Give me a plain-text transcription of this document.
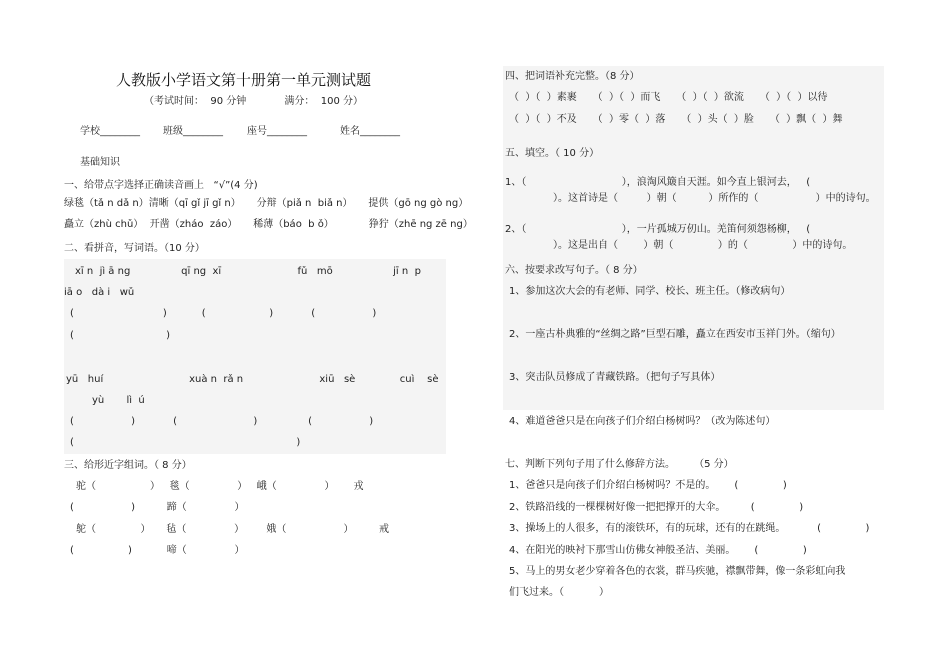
人教版小学语文第十册第一单元测试题
（考试时间：  90 分钟            满分：  100 分）
学校________ 班级________ 座号________	姓名________
基础知识
一、给带点字选择正确读音画上   “√”(4 分)
绿毯（tǎ n dǎ n）清晰（qī gǐ jī gǐ n）     分辩（piǎ n  biǎ n）     提供（gō ng gò ng）
矗立（zhù chǔ）  开凿（zháo  záo）     稀薄（báo  b ǒ）           狰狞（zhē ng zē ng）
二、看拼音，写词语。（10 分）
xī n  jì ā ng                qī ng  xī                        fǔ   mō                   jī n  p
iā o   dà i   wǔ
(                            )           (                    )            (                  )
(                             )
yū   huí                           xuà n  rǎ n                        xiū   sè              cuì    sè
yù       lì  ú
(                  )            (                        )                (                  )
(                                                                      )
三、给形近字组词。（ 8 分）
驼（                 ）   毯（               ）   峨（               ）      戎
(                  )          蹄（               ）
鸵（              ）     毡（               ）       娥（                  ）        戒
(                 )           啼（               ）
四、把词语补充完整。（8 分）
（  ）（  ）素裹     （  ）（  ）而飞     （  ）（  ）欲流     （  ）（  ）以待
（  ）（  ）不及     （  ）零（  ）落     （  ）头（  ）脸     （  ）飘（  ）舞
五、填空。（ 10 分）
1、（                              ），浪淘风簸自天涯。如今直上银河去，   (
）。这首诗是（         ）朝（          ）所作的（                  ）中的诗句。
2、（                              ），一片孤城万仞山。羌笛何须怨杨柳，   (
）。这是出自（        ）朝（              ）的（              ）中的诗句。
六、按要求改写句子。（ 8 分）
1、参加这次大会的有老师、同学、校长、班主任。（修改病句）
2、一座古朴典雅的“丝绸之路”巨型石雕，矗立在西安市玉祥门外。（缩句）
3、突击队员修成了青藏铁路。（把句子写具体）
4、难道爸爸只是在向孩子们介绍白杨树吗？（改为陈述句）
七、判断下列句子用了什么修辞方法。      （5 分）
1、爸爸只是向孩子们介绍白杨树吗？不是的。      (              )
2、铁路沿线的一棵棵树好像一把把撑开的大伞。        (              )
3、操场上的人很多，有的滚铁环，有的玩球，还有的在跳绳。          (              )
4、在阳光的映衬下那雪山仿佛女神般圣洁、美丽。      (              )
5、马上的男女老少穿着各色的衣裳，群马疾驰，襟飘带舞，像一条彩虹向我
们飞过来。（           ）
